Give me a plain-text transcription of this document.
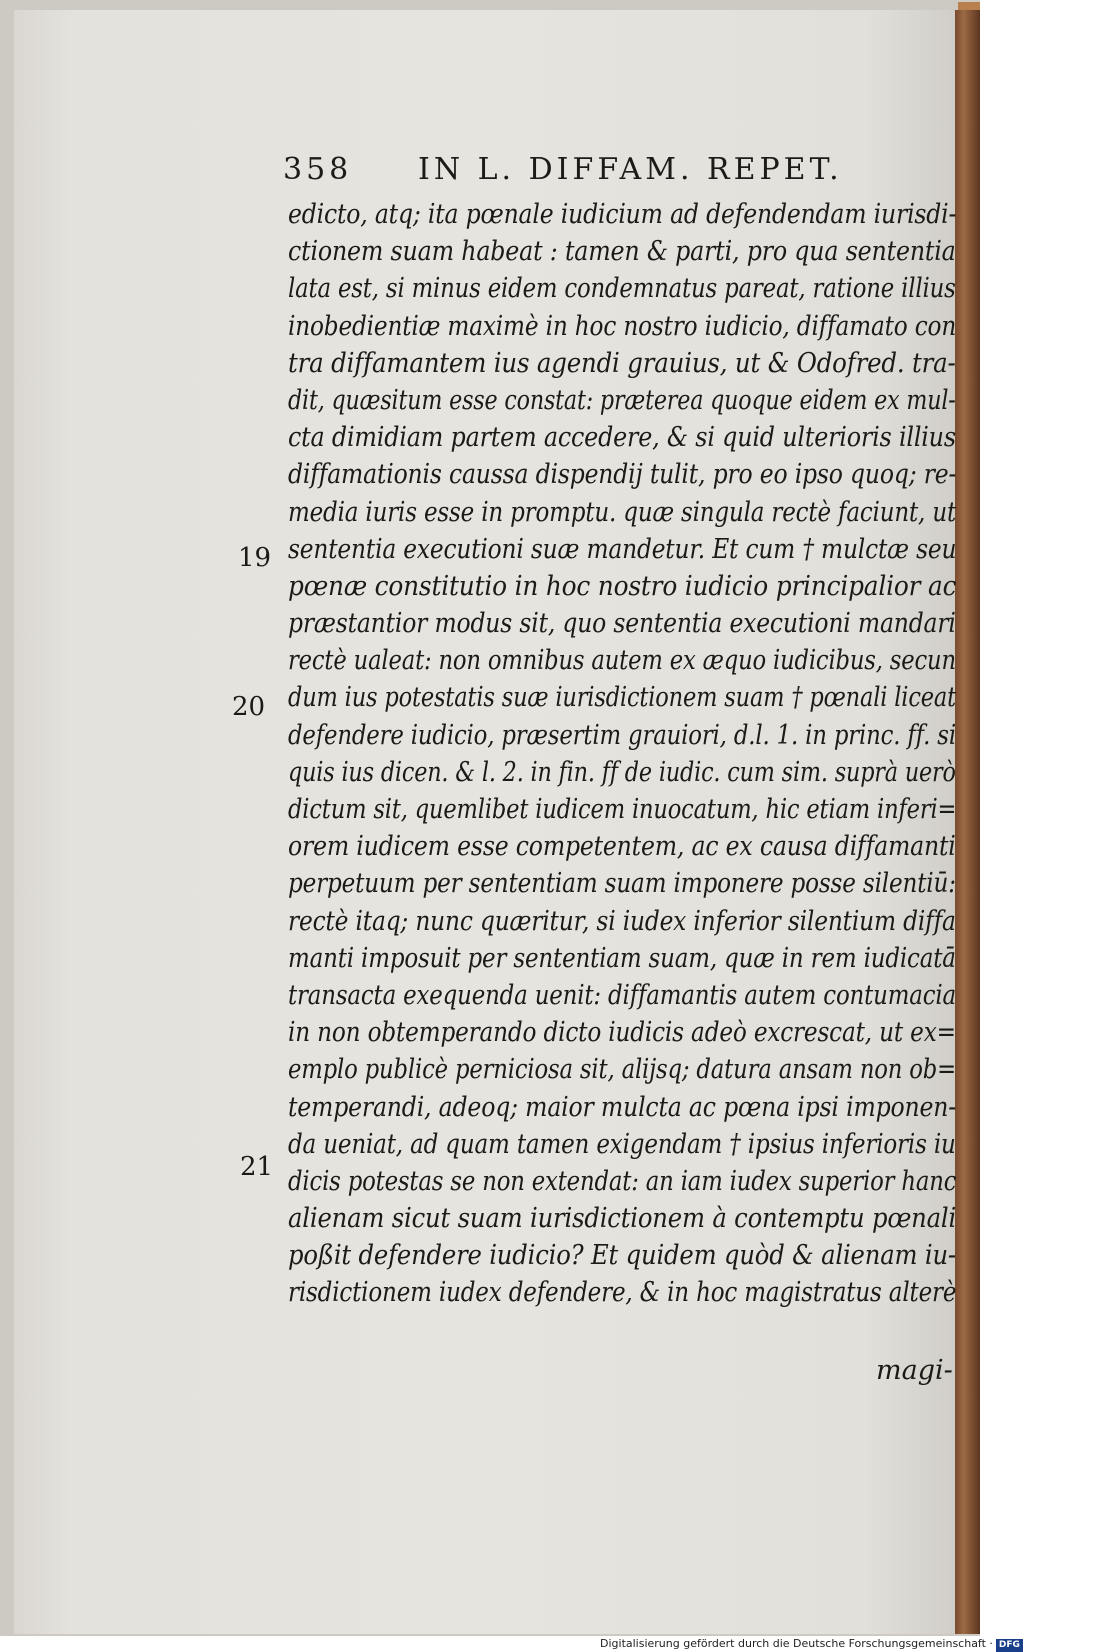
358 IN L. DIFFAM. REPET.
edicto, atq; ita pœnale iudicium ad defendendam iurisdi-
ctionem suam habeat : tamen & parti, pro qua sententia
lata est, si minus eidem condemnatus pareat, ratione illius
inobedientiæ maximè in hoc nostro iudicio, diffamato con
tra diffamantem ius agendi grauius, ut & Odofred. tra-
dit, quæsitum esse constat: præterea quoque eidem ex mul-
cta dimidiam partem accedere, & si quid ulterioris illius
diffamationis caussa dispendij tulit, pro eo ipso quoq; re-
media iuris esse in promptu. quæ singula rectè faciunt, ut
sententia executioni suæ mandetur. Et cum † mulctæ seu
pœnæ constitutio in hoc nostro iudicio principalior ac
præstantior modus sit, quo sententia executioni mandari
rectè ualeat: non omnibus autem ex æquo iudicibus, secun
dum ius potestatis suæ iurisdictionem suam † pœnali liceat
defendere iudicio, præsertim grauiori, d.l. 1. in princ. ff. si
quis ius dicen. & l. 2. in fin. ff de iudic. cum sim. suprà uerò
dictum sit, quemlibet iudicem inuocatum, hic etiam inferi=
orem iudicem esse competentem, ac ex causa diffamanti
perpetuum per sententiam suam imponere posse silentiū:
rectè itaq; nunc quæritur, si iudex inferior silentium diffa
manti imposuit per sententiam suam, quæ in rem iudicatā
transacta exequenda uenit: diffamantis autem contumacia
in non obtemperando dicto iudicis adeò excrescat, ut ex=
emplo publicè perniciosa sit, alijsq; datura ansam non ob=
temperandi, adeoq; maior mulcta ac pœna ipsi imponen-
da ueniat, ad quam tamen exigendam † ipsius inferioris iu
dicis potestas se non extendat: an iam iudex superior hanc
alienam sicut suam iurisdictionem à contemptu pœnali
poßit defendere iudicio? Et quidem quòd & alienam iu-
risdictionem iudex defendere, & in hoc magistratus alterè
19
20
21
magi-
Digitalisierung gefördert durch die Deutsche Forschungsgemeinschaft · DFG
